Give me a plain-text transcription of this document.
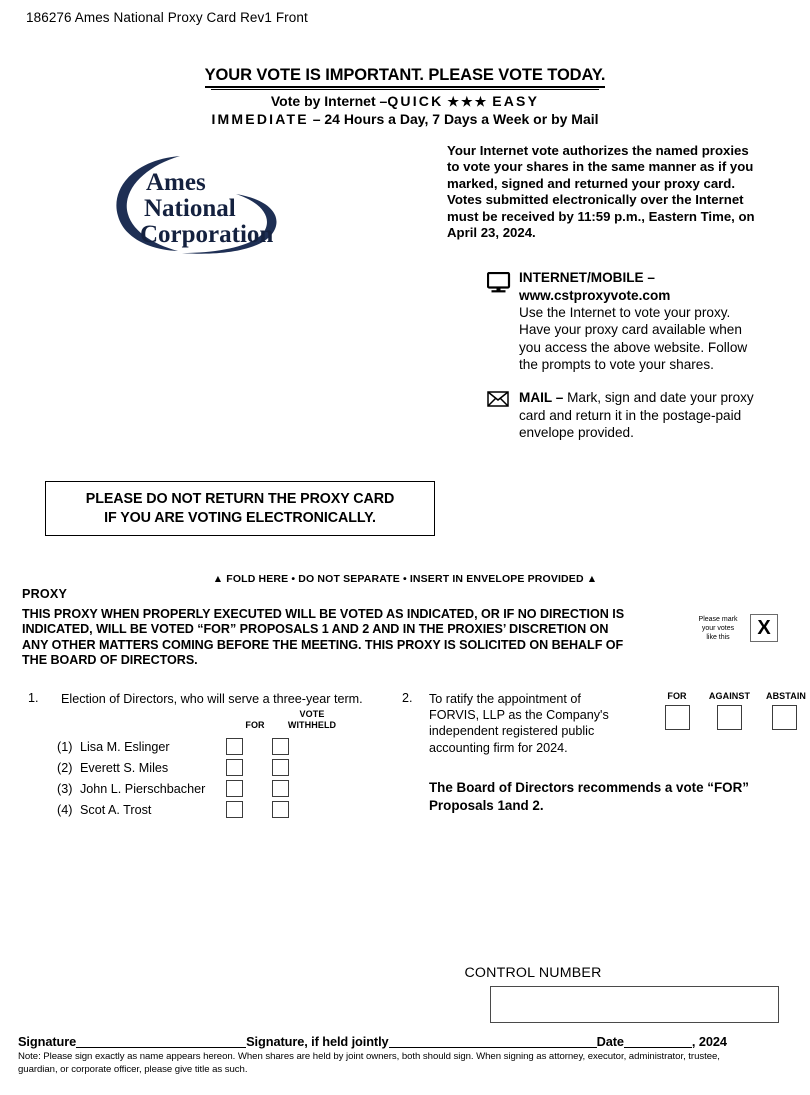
186276 Ames National Proxy Card Rev1 Front
YOUR VOTE IS IMPORTANT. PLEASE VOTE TODAY.
Vote by Internet –QUICK ★★★ EASY
IMMEDIATE – 24 Hours a Day, 7 Days a Week or by Mail
Ames
National
Corporation
Your Internet vote authorizes the named proxies
to vote your shares in the same manner as if you
marked, signed and returned your proxy card.
Votes submitted electronically over the Internet
must be received by 11:59 p.m., Eastern Time, on
April 23, 2024.
INTERNET/MOBILE –
www.cstproxyvote.com
Use the Internet to vote your proxy.
Have your proxy card available when
you access the above website. Follow
the prompts to vote your shares.
MAIL – Mark, sign and date your proxy
card and return it in the postage-paid
envelope provided.
PLEASE DO NOT RETURN THE PROXY CARD
IF YOU ARE VOTING ELECTRONICALLY.
▲ FOLD HERE • DO NOT SEPARATE • INSERT IN ENVELOPE PROVIDED ▲
PROXY
THIS PROXY WHEN PROPERLY EXECUTED WILL BE VOTED AS INDICATED, OR IF NO DIRECTION IS
INDICATED, WILL BE VOTED “FOR” PROPOSALS 1 AND 2 AND IN THE PROXIES’ DISCRETION ON
ANY OTHER MATTERS COMING BEFORE THE MEETING. THIS PROXY IS SOLICITED ON BEHALF OF
THE BOARD OF DIRECTORS.
Please mark
your votes
like this	X
1. Election of Directors, who will serve a three-year term.
FOR
VOTE
WITHHELD
(1) Lisa M. Eslinger
(2) Everett S. Miles
(3) John L. Pierschbacher
(4) Scot A. Trost
2. To ratify the appointment of
FORVIS, LLP as the Company's
independent registered public
accounting firm for 2024.
FOR	AGAINST	ABSTAIN
The Board of Directors recommends a vote “FOR”
Proposals 1and 2.
CONTROL NUMBER
Signature	Signature, if held jointly	Date	, 2024
Note: Please sign exactly as name appears hereon. When shares are held by joint owners, both should sign. When signing as attorney, executor, administrator, trustee,
guardian, or corporate officer, please give title as such.
